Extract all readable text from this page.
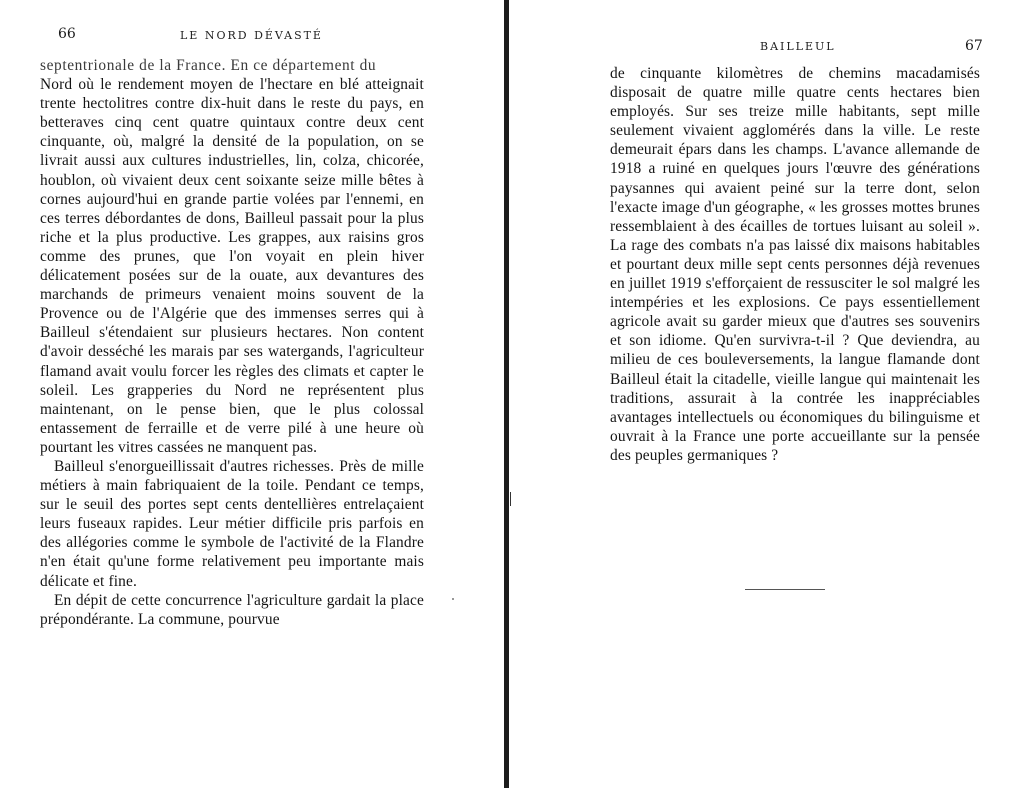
66	LE NORD DÉVASTÉ

septentrionale de la France. En ce département du

Nord où le rendement moyen de l'hectare en blé atteignait trente hectolitres contre dix-huit dans le reste du pays, en betteraves cinq cent quatre quintaux contre deux cent cinquante, où, malgré la densité de la population, on se livrait aussi aux cultures industrielles, lin, colza, chicorée, houblon, où vivaient deux cent soixante seize mille bêtes à cornes aujourd'hui en grande partie volées par l'ennemi, en ces terres débordantes de dons, Bailleul passait pour la plus riche et la plus productive. Les grappes, aux raisins gros comme des prunes, que l'on voyait en plein hiver délicatement posées sur de la ouate, aux devantures des marchands de primeurs venaient moins souvent de la Provence ou de l'Algérie que des immenses serres qui à Bailleul s'étendaient sur plusieurs hectares. Non content d'avoir desséché les marais par ses watergands, l'agriculteur flamand avait voulu forcer les règles des climats et capter le soleil. Les grapperies du Nord ne représentent plus maintenant, on le pense bien, que le plus colossal entassement de ferraille et de verre pilé à une heure où pourtant les vitres cassées ne manquent pas.

Bailleul s'enorgueillissait d'autres richesses. Près de mille métiers à main fabriquaient de la toile. Pendant ce temps, sur le seuil des portes sept cents dentellières entrelaçaient leurs fuseaux rapides. Leur métier difficile pris parfois en des allégories comme le symbole de l'activité de la Flandre n'en était qu'une forme relativement peu importante mais délicate et fine.

En dépit de cette concurrence l'agriculture gardait la place prépondérante. La commune, pourvue

BAILLEUL	67

de cinquante kilomètres de chemins macadamisés disposait de quatre mille quatre cents hectares bien employés. Sur ses treize mille habitants, sept mille seulement vivaient agglomérés dans la ville. Le reste demeurait épars dans les champs. L'avance allemande de 1918 a ruiné en quelques jours l'œuvre des générations paysannes qui avaient peiné sur la terre dont, selon l'exacte image d'un géographe, « les grosses mottes brunes ressemblaient à des écailles de tortues luisant au soleil ». La rage des combats n'a pas laissé dix maisons habitables et pourtant deux mille sept cents personnes déjà revenues en juillet 1919 s'efforçaient de ressusciter le sol malgré les intempéries et les explosions. Ce pays essentiellement agricole avait su garder mieux que d'autres ses souvenirs et son idiome. Qu'en survivra-t-il ? Que deviendra, au milieu de ces bouleversements, la langue flamande dont Bailleul était la citadelle, vieille langue qui maintenait les traditions, assurait à la contrée les inappréciables avantages intellectuels ou économiques du bilinguisme et ouvrait à la France une porte accueillante sur la pensée des peuples germaniques ?
